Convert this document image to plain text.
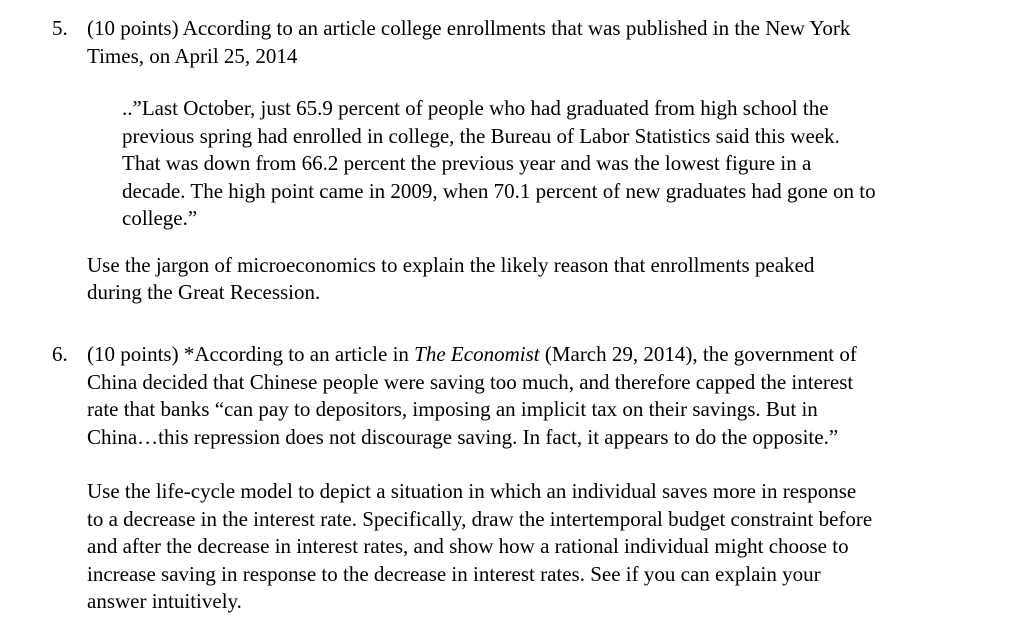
5. (10 points) According to an article college enrollments that was published in the New York
Times, on April 25, 2014
..”Last October, just 65.9 percent of people who had graduated from high school the
previous spring had enrolled in college, the Bureau of Labor Statistics said this week.
That was down from 66.2 percent the previous year and was the lowest figure in a
decade. The high point came in 2009, when 70.1 percent of new graduates had gone on to
college.”
Use the jargon of microeconomics to explain the likely reason that enrollments peaked
during the Great Recession.
6. (10 points) *According to an article in The Economist (March 29, 2014), the government of
China decided that Chinese people were saving too much, and therefore capped the interest
rate that banks “can pay to depositors, imposing an implicit tax on their savings. But in
China…this repression does not discourage saving. In fact, it appears to do the opposite.”
Use the life-cycle model to depict a situation in which an individual saves more in response
to a decrease in the interest rate. Specifically, draw the intertemporal budget constraint before
and after the decrease in interest rates, and show how a rational individual might choose to
increase saving in response to the decrease in interest rates. See if you can explain your
answer intuitively.
